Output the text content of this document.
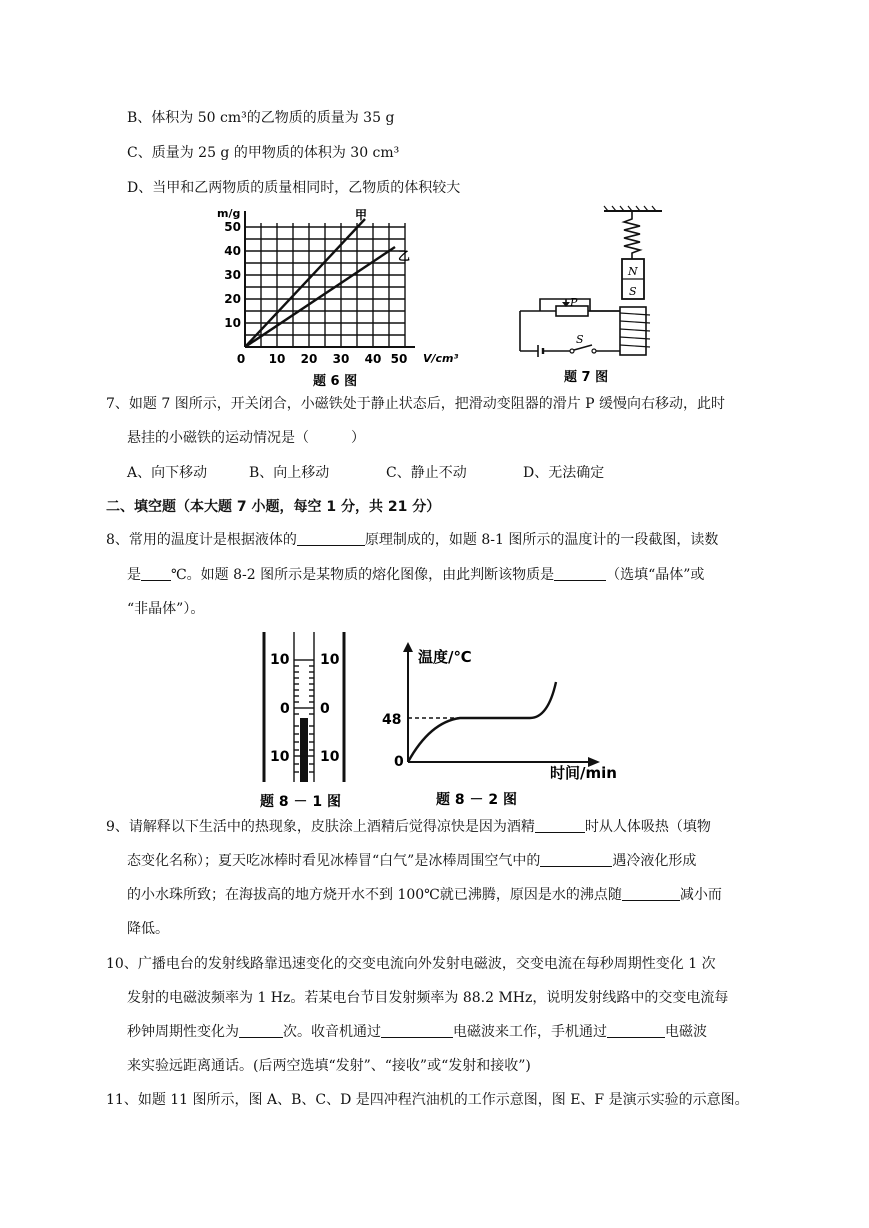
B、体积为 50 cm³的乙物质的质量为 35 g
C、质量为 25 g 的甲物质的体积为 30 cm³
D、当甲和乙两物质的质量相同时，乙物质的体积较大
m/g	甲
乙
50
40
30
20
10
0 10 20 30 40 50 V/cm³
题 6 图
N
S
P
S
题 7 图
7、如题 7 图所示，开关闭合，小磁铁处于静止状态后，把滑动变阻器的滑片 P 缓慢向右移动，此时
悬挂的小磁铁的运动情况是（　　　）
A、向下移动	B、向上移动	C、静止不动	D、无法确定
二、填空题（本大题 7 小题，每空 1 分，共 21 分）
8、常用的温度计是根据液体的	原理制成的，如题 8-1 图所示的温度计的一段截图，读数
是 ℃。如题 8-2 图所示是某物质的熔化图像，由此判断该物质是	（选填“晶体”或
“非晶体”）。
10 10
0 0
10 10
题 8 － 1 图
温度/℃
时间/min
48
0
题 8 － 2 图
9、请解释以下生活中的热现象，皮肤涂上酒精后觉得凉快是因为酒精	时从人体吸热（填物
态变化名称）；夏天吃冰棒时看见冰棒冒“白气”是冰棒周围空气中的	遇冷液化形成
的小水珠所致；在海拔高的地方烧开水不到 100℃就已沸腾，原因是水的沸点随	减小而
降低。
10、广播电台的发射线路靠迅速变化的交变电流向外发射电磁波，交变电流在每秒周期性变化 1 次
发射的电磁波频率为 1 Hz。若某电台节目发射频率为 88.2 MHz，说明发射线路中的交变电流每
秒钟周期性变化为	次。收音机通过	电磁波来工作，手机通过	电磁波
来实验远距离通话。(后两空选填“发射”、“接收”或“发射和接收”)
11、如题 11 图所示，图 A、B、C、D 是四冲程汽油机的工作示意图，图 E、F 是演示实验的示意图。
